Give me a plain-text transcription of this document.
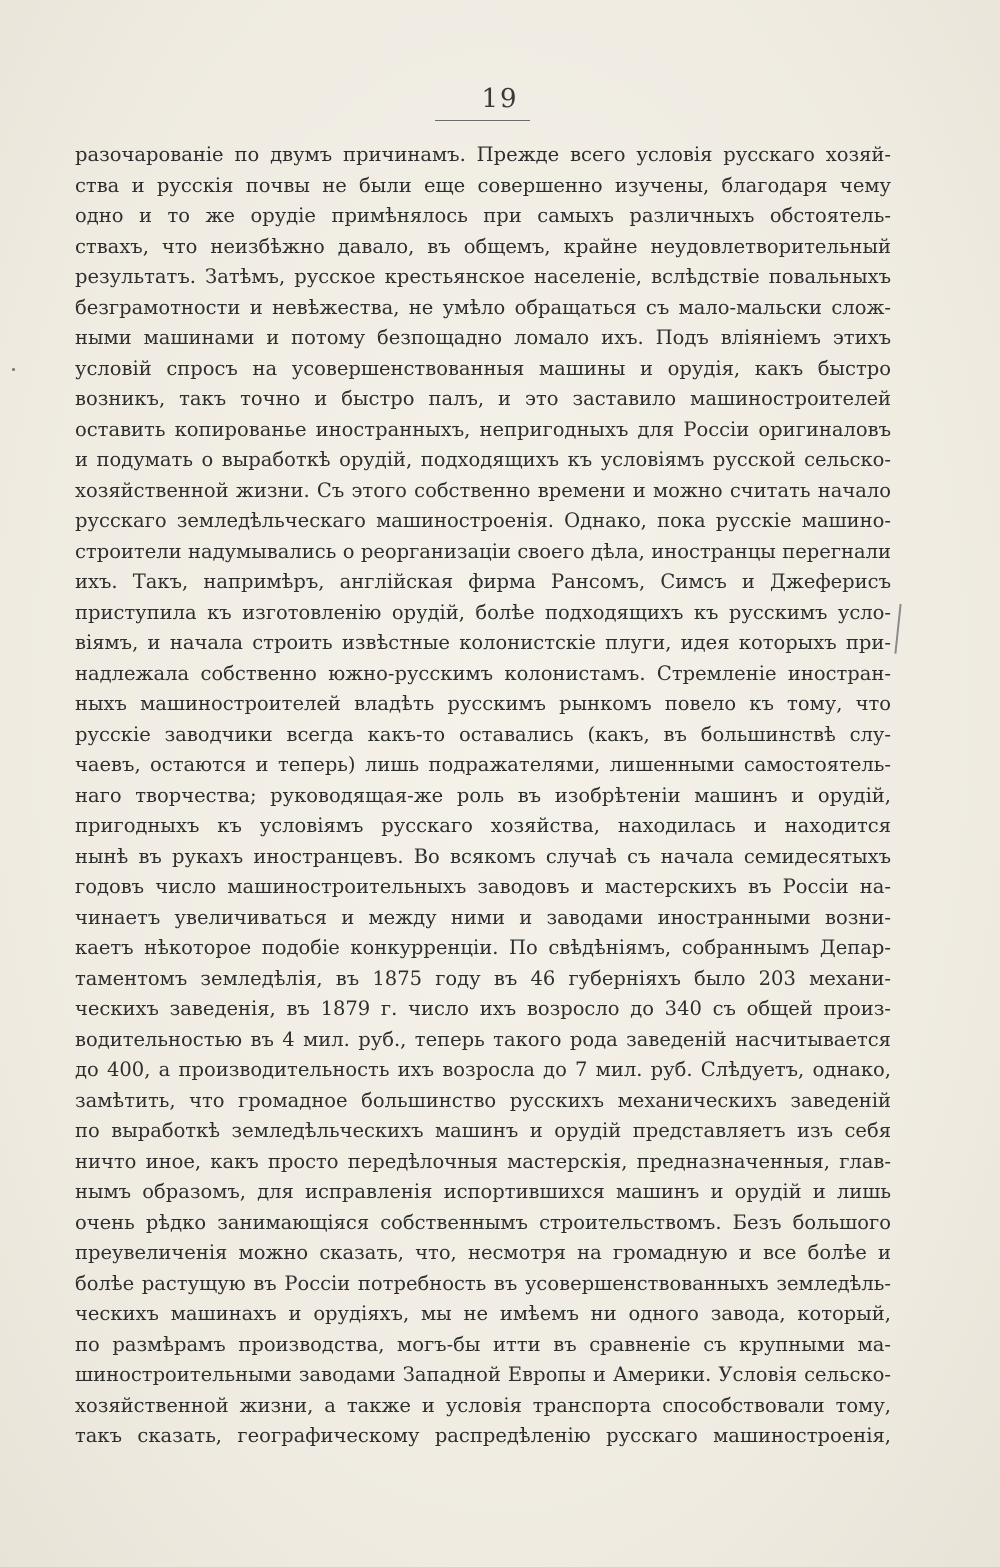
19
разочарованіе по двумъ причинамъ. Прежде всего условія русскаго хозяй-
ства и русскія почвы не были еще совершенно изучены, благодаря чему
одно и то же орудіе примѣнялось при самыхъ различныхъ обстоятель-
ствахъ, что неизбѣжно давало, въ общемъ, крайне неудовлетворительный
результатъ. Затѣмъ, русское крестьянское населеніе, вслѣдствіе повальныхъ
безграмотности и невѣжества, не умѣло обращаться съ мало-мальски слож-
ными машинами и потому безпощадно ломало ихъ. Подъ вліяніемъ этихъ
условій спросъ на усовершенствованныя машины и орудія, какъ быстро
возникъ, такъ точно и быстро палъ, и это заставило машиностроителей
оставить копированье иностранныхъ, непригодныхъ для Россіи оригиналовъ
и подумать о выработкѣ орудій, подходящихъ къ условіямъ русской сельско-
хозяйственной жизни. Съ этого собственно времени и можно считать начало
русскаго земледѣльческаго машиностроенія. Однако, пока русскіе машино-
строители надумывались о реорганизаціи своего дѣла, иностранцы перегнали
ихъ. Такъ, напримѣръ, англійская фирма Рансомъ, Симсъ и Джеферисъ
приступила къ изготовленію орудій, болѣе подходящихъ къ русскимъ усло-
віямъ, и начала строить извѣстные колонистскіе плуги, идея которыхъ при-
надлежала собственно южно-русскимъ колонистамъ. Стремленіе иностран-
ныхъ машиностроителей владѣть русскимъ рынкомъ повело къ тому, что
русскіе заводчики всегда какъ-то оставались (какъ, въ большинствѣ слу-
чаевъ, остаются и теперь) лишь подражателями, лишенными самостоятель-
наго творчества; руководящая-же роль въ изобрѣтеніи машинъ и орудій,
пригодныхъ къ условіямъ русскаго хозяйства, находилась и находится
нынѣ въ рукахъ иностранцевъ. Во всякомъ случаѣ съ начала семидесятыхъ
годовъ число машиностроительныхъ заводовъ и мастерскихъ въ Россіи на-
чинаетъ увеличиваться и между ними и заводами иностранными возни-
каетъ нѣкоторое подобіе конкурренціи. По свѣдѣніямъ, собраннымъ Депар-
таментомъ земледѣлія, въ 1875 году въ 46 губерніяхъ было 203 механи-
ческихъ заведенія, въ 1879 г. число ихъ возросло до 340 съ общей произ-
водительностью въ 4 мил. руб., теперь такого рода заведеній насчитывается
до 400, а производительность ихъ возросла до 7 мил. руб. Слѣдуетъ, однако,
замѣтить, что громадное большинство русскихъ механическихъ заведеній
по выработкѣ земледѣльческихъ машинъ и орудій представляетъ изъ себя
ничто иное, какъ просто передѣлочныя мастерскія, предназначенныя, глав-
нымъ образомъ, для исправленія испортившихся машинъ и орудій и лишь
очень рѣдко занимающіяся собственнымъ строительствомъ. Безъ большого
преувеличенія можно сказать, что, несмотря на громадную и все болѣе и
болѣе растущую въ Россіи потребность въ усовершенствованныхъ земледѣль-
ческихъ машинахъ и орудіяхъ, мы не имѣемъ ни одного завода, который,
по размѣрамъ производства, могъ-бы итти въ сравненіе съ крупными ма-
шиностроительными заводами Западной Европы и Америки. Условія сельско-
хозяйственной жизни, а также и условія транспорта способствовали тому,
такъ сказать, географическому распредѣленію русскаго машиностроенія,
